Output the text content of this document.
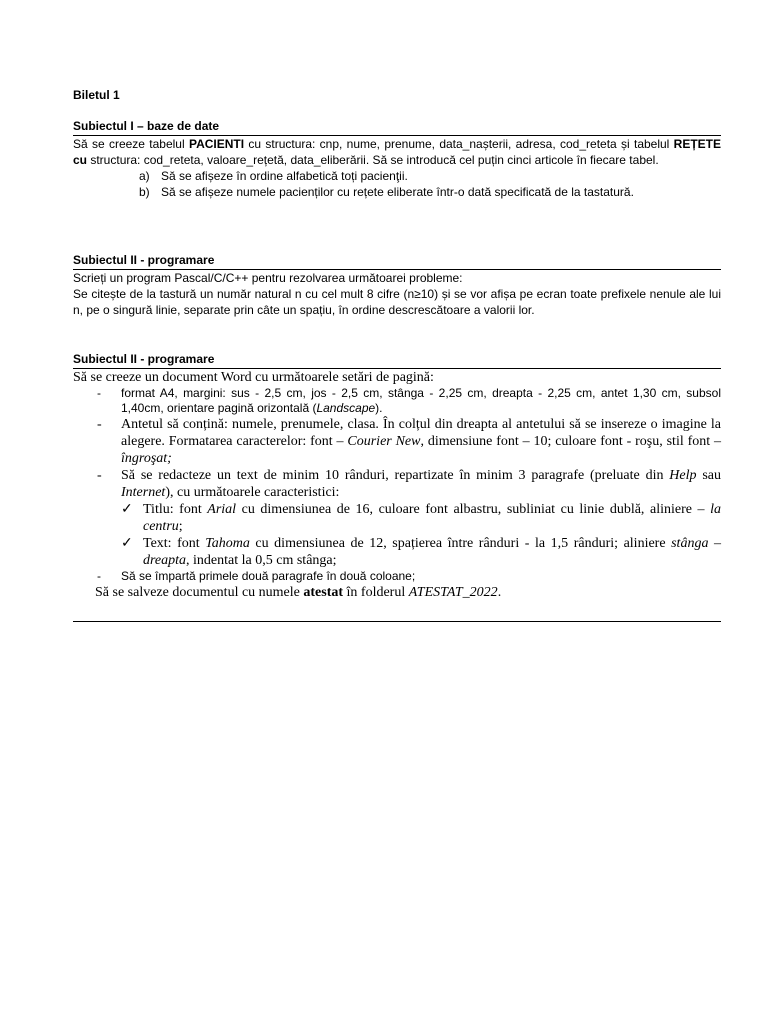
Biletul 1
Subiectul I – baze de date

Să se creeze tabelul PACIENTI cu structura: cnp, nume, prenume, data_nașterii, adresa, cod_reteta și tabelul REȚETE cu structura: cod_reteta, valoare_rețetă, data_eliberării. Să se introducă cel puțin cinci articole în fiecare tabel.

a) Să se afișeze în ordine alfabetică toți pacienţii.
b) Să se afișeze numele pacienților cu rețete eliberate într-o dată specificată de la tastatură.
Subiectul II - programare

Scrieți un program Pascal/C/C++ pentru rezolvarea următoarei probleme:

Se citește de la tastură un număr natural n cu cel mult 8 cifre (n≥10) și se vor afișa pe ecran toate prefixele nenule ale lui n, pe o singură linie, separate prin câte un spațiu, în ordine descrescătoare a valorii lor.

Subiectul II - programare
Să se creeze un document Word cu următoarele setări de pagină:
- format A4, margini: sus - 2,5 cm, jos - 2,5 cm, stânga - 2,25 cm, dreapta - 2,25 cm, antet 1,30 cm, subsol 1,40cm, orientare pagină orizontală (Landscape).
- Antetul să conțină: numele, prenumele, clasa. În colțul din dreapta al antetului să se insereze o imagine la alegere. Formatarea caracterelor: font – Courier New, dimensiune font – 10; culoare font - roşu, stil font – îngroşat;
- Să se redacteze un text de minim 10 rânduri, repartizate în minim 3 paragrafe (preluate din Help sau Internet), cu următoarele caracteristici:
✓ Titlu: font Arial cu dimensiunea de 16, culoare font albastru, subliniat cu linie dublă, aliniere – la centru;
✓ Text: font Tahoma cu dimensiunea de 12, spațierea între rânduri - la 1,5 rânduri; aliniere stânga – dreapta, indentat la 0,5 cm stânga;
- Să se împartă primele două paragrafe în două coloane;
Să se salveze documentul cu numele atestat în folderul ATESTAT_2022.
